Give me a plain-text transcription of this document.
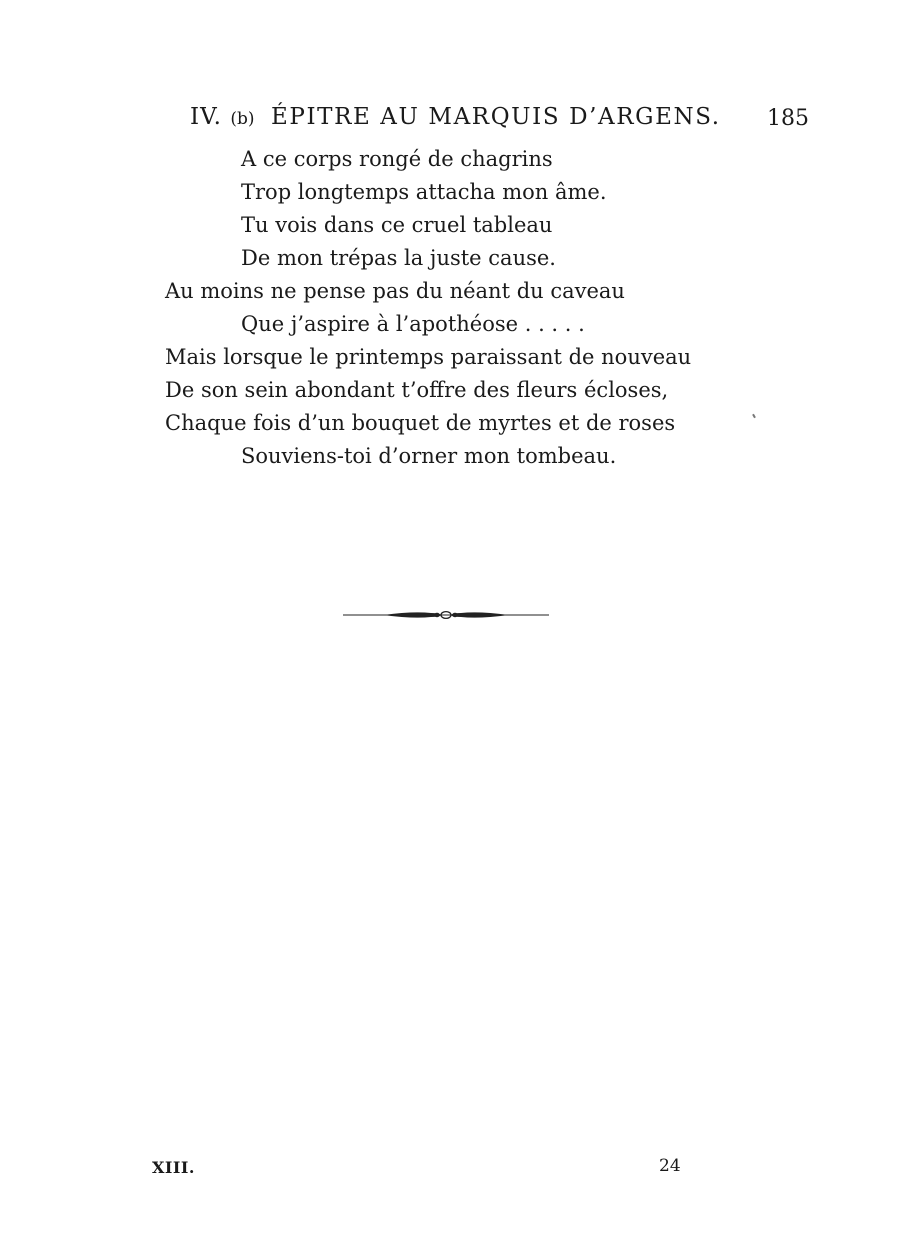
IV. (b) ÉPITRE AU MARQUIS D’ARGENS. 185
A ce corps rongé de chagrins
Trop longtemps attacha mon âme.
Tu vois dans ce cruel tableau
De mon trépas la juste cause.
Au moins ne pense pas du néant du caveau
Que j’aspire à l’apothéose . . . . .
Mais lorsque le printemps paraissant de nouveau
De son sein abondant t’offre des fleurs écloses,
Chaque fois d’un bouquet de myrtes et de roses
Souviens-toi d’orner mon tombeau.
XIII.	24
